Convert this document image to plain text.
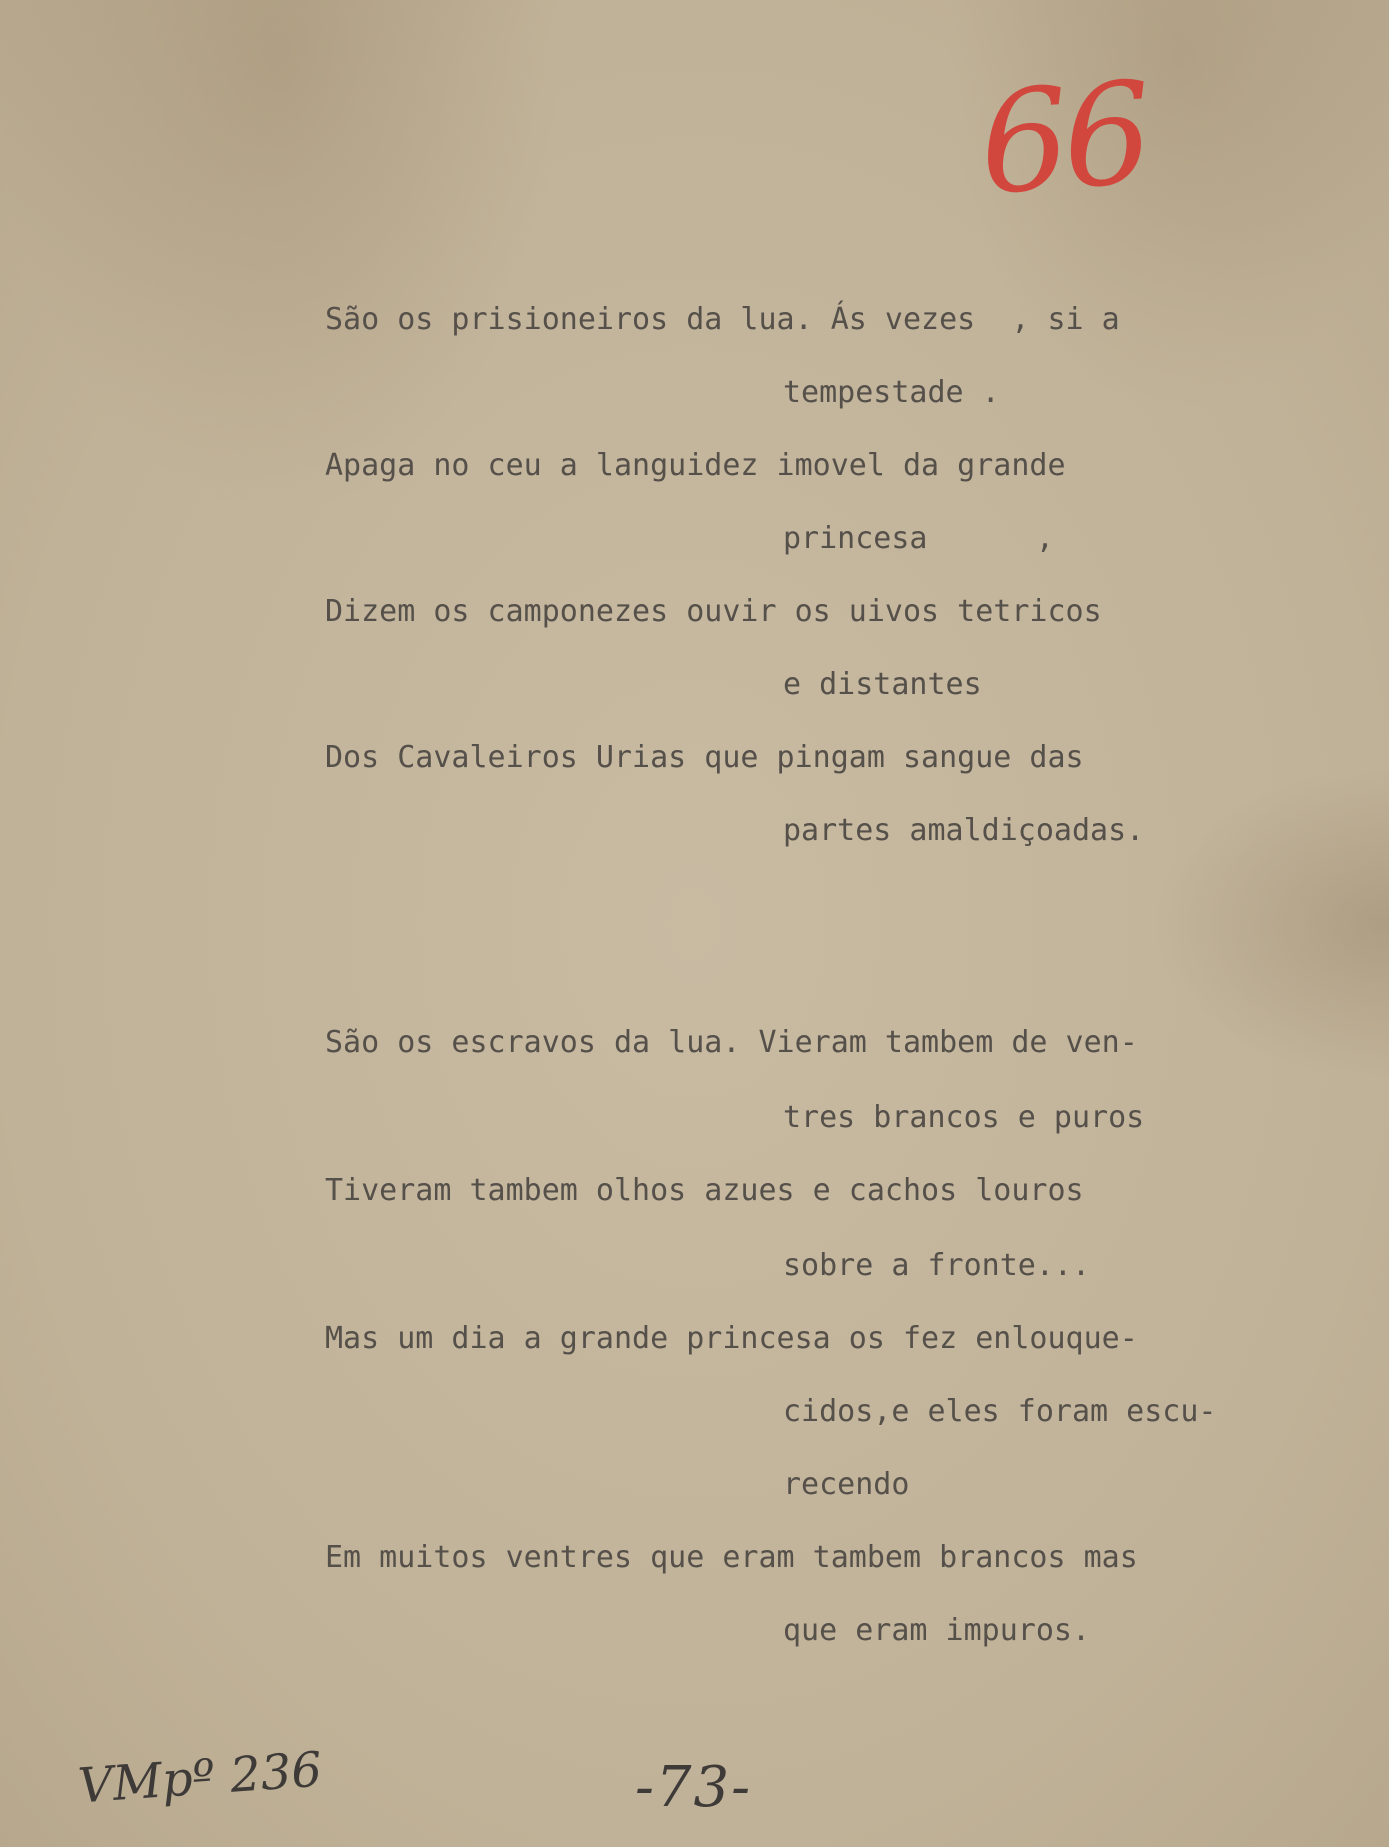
66

São os prisioneiros da lua. Ás vezes  , si a

tempestade .

Apaga no ceu a languidez imovel da grande

princesa      ,

Dizem os camponezes ouvir os uivos tetricos

e distantes

Dos Cavaleiros Urias que pingam sangue das

partes amaldiçoadas.

São os escravos da lua. Vieram tambem de ven-

tres brancos e puros

Tiveram tambem olhos azues e cachos louros

sobre a fronte...

Mas um dia a grande princesa os fez enlouque-

cidos,e eles foram escu-

recendo

Em muitos ventres que eram tambem brancos mas

que eram impuros.

VMpº 236	-73-
